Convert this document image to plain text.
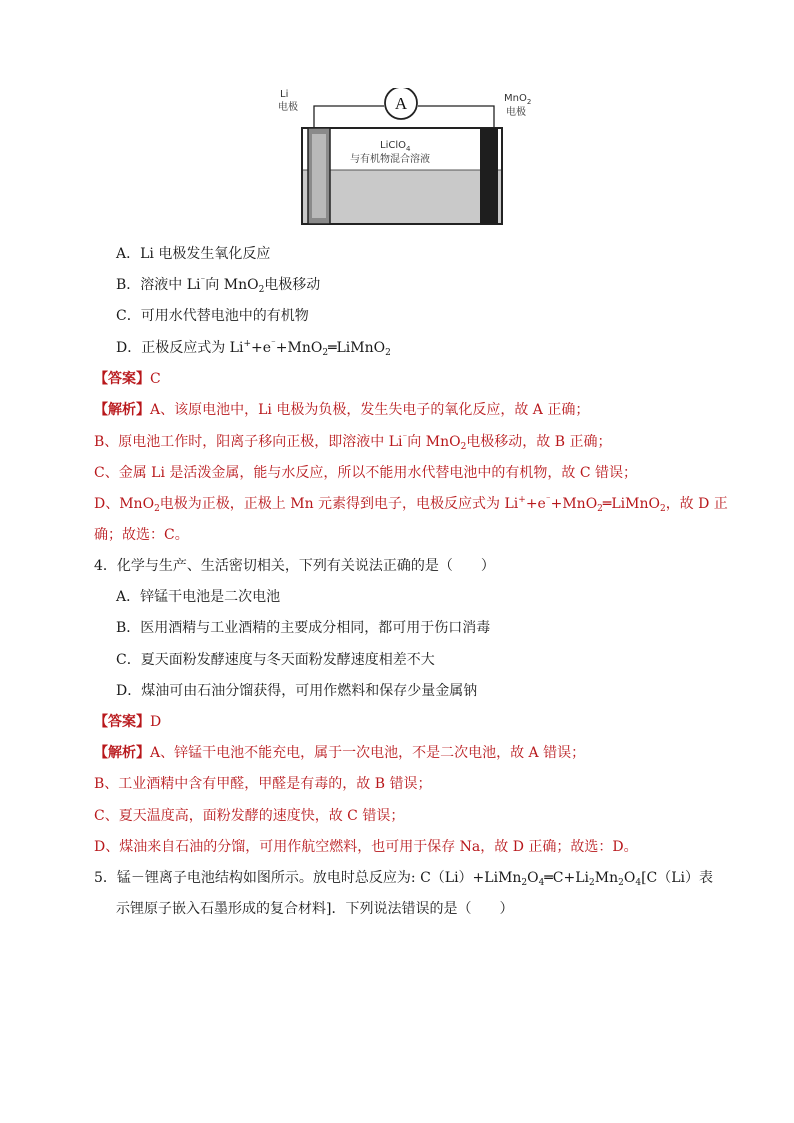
A
Li
电极
MnO$_2$
电极
LiClO$_4$
与有机物混合溶液
A．Li 电极发生氧化反应
B．溶液中 Li⁻向 MnO$_2$电极移动
C．可用水代替电池中的有机物
D．正极反应式为 Li++e⁻+MnO$_2$═LiMnO$_2$
【答案】C
【解析】A、该原电池中，Li 电极为负极，发生失电子的氧化反应，故 A 正确；
B、原电池工作时，阳离子移向正极，即溶液中 Li⁻向 MnO$_2$电极移动，故 B 正确；
C、金属 Li 是活泼金属，能与水反应，所以不能用水代替电池中的有机物，故 C 错误；
D、MnO$_2$电极为正极，正极上 Mn 元素得到电子，电极反应式为 Li++e⁻+MnO$_2$═LiMnO$_2$，故 D 正
确；故选：C。
4．化学与生产、生活密切相关，下列有关说法正确的是（　　）
A．锌锰干电池是二次电池
B．医用酒精与工业酒精的主要成分相同，都可用于伤口消毒
C．夏天面粉发酵速度与冬天面粉发酵速度相差不大
D．煤油可由石油分馏获得，可用作燃料和保存少量金属钠
【答案】D
【解析】A、锌锰干电池不能充电，属于一次电池，不是二次电池，故 A 错误；
B、工业酒精中含有甲醛，甲醛是有毒的，故 B 错误；
C、夏天温度高，面粉发酵的速度快，故 C 错误；
D、煤油来自石油的分馏，可用作航空燃料，也可用于保存 Na，故 D 正确；故选：D。
5．锰－锂离子电池结构如图所示。放电时总反应为: $C(Li)+LiMn_2O_4═C+Li_2Mn_2O_4[C(Li)$表
示锂原子嵌入石墨形成的复合材料]．下列说法错误的是（　　）
